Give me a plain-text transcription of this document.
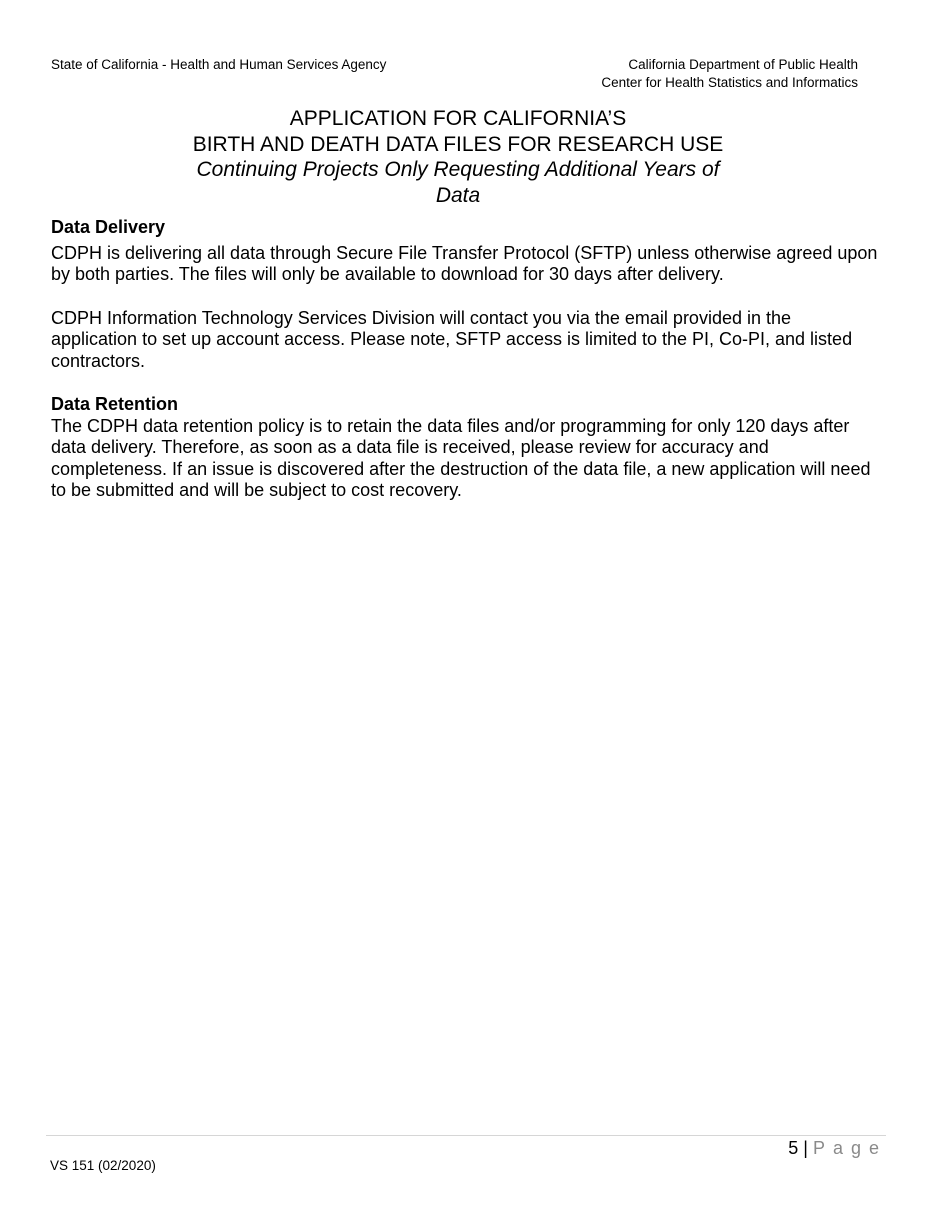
State of California - Health and Human Services Agency	California Department of Public Health
Center for Health Statistics and Informatics
APPLICATION FOR CALIFORNIA’S
BIRTH AND DEATH DATA FILES FOR RESEARCH USE
Continuing Projects Only Requesting Additional Years of Data
Data Delivery

CDPH is delivering all data through Secure File Transfer Protocol (SFTP) unless otherwise agreed upon by both parties. The files will only be available to download for 30 days after delivery.

CDPH Information Technology Services Division will contact you via the email provided in the application to set up account access. Please note, SFTP access is limited to the PI, Co-PI, and listed contractors.

Data Retention

The CDPH data retention policy is to retain the data files and/or programming for only 120 days after data delivery. Therefore, as soon as a data file is received, please review for accuracy and completeness. If an issue is discovered after the destruction of the data file, a new application will need to be submitted and will be subject to cost recovery.

5 | Page
VS 151 (02/2020)
